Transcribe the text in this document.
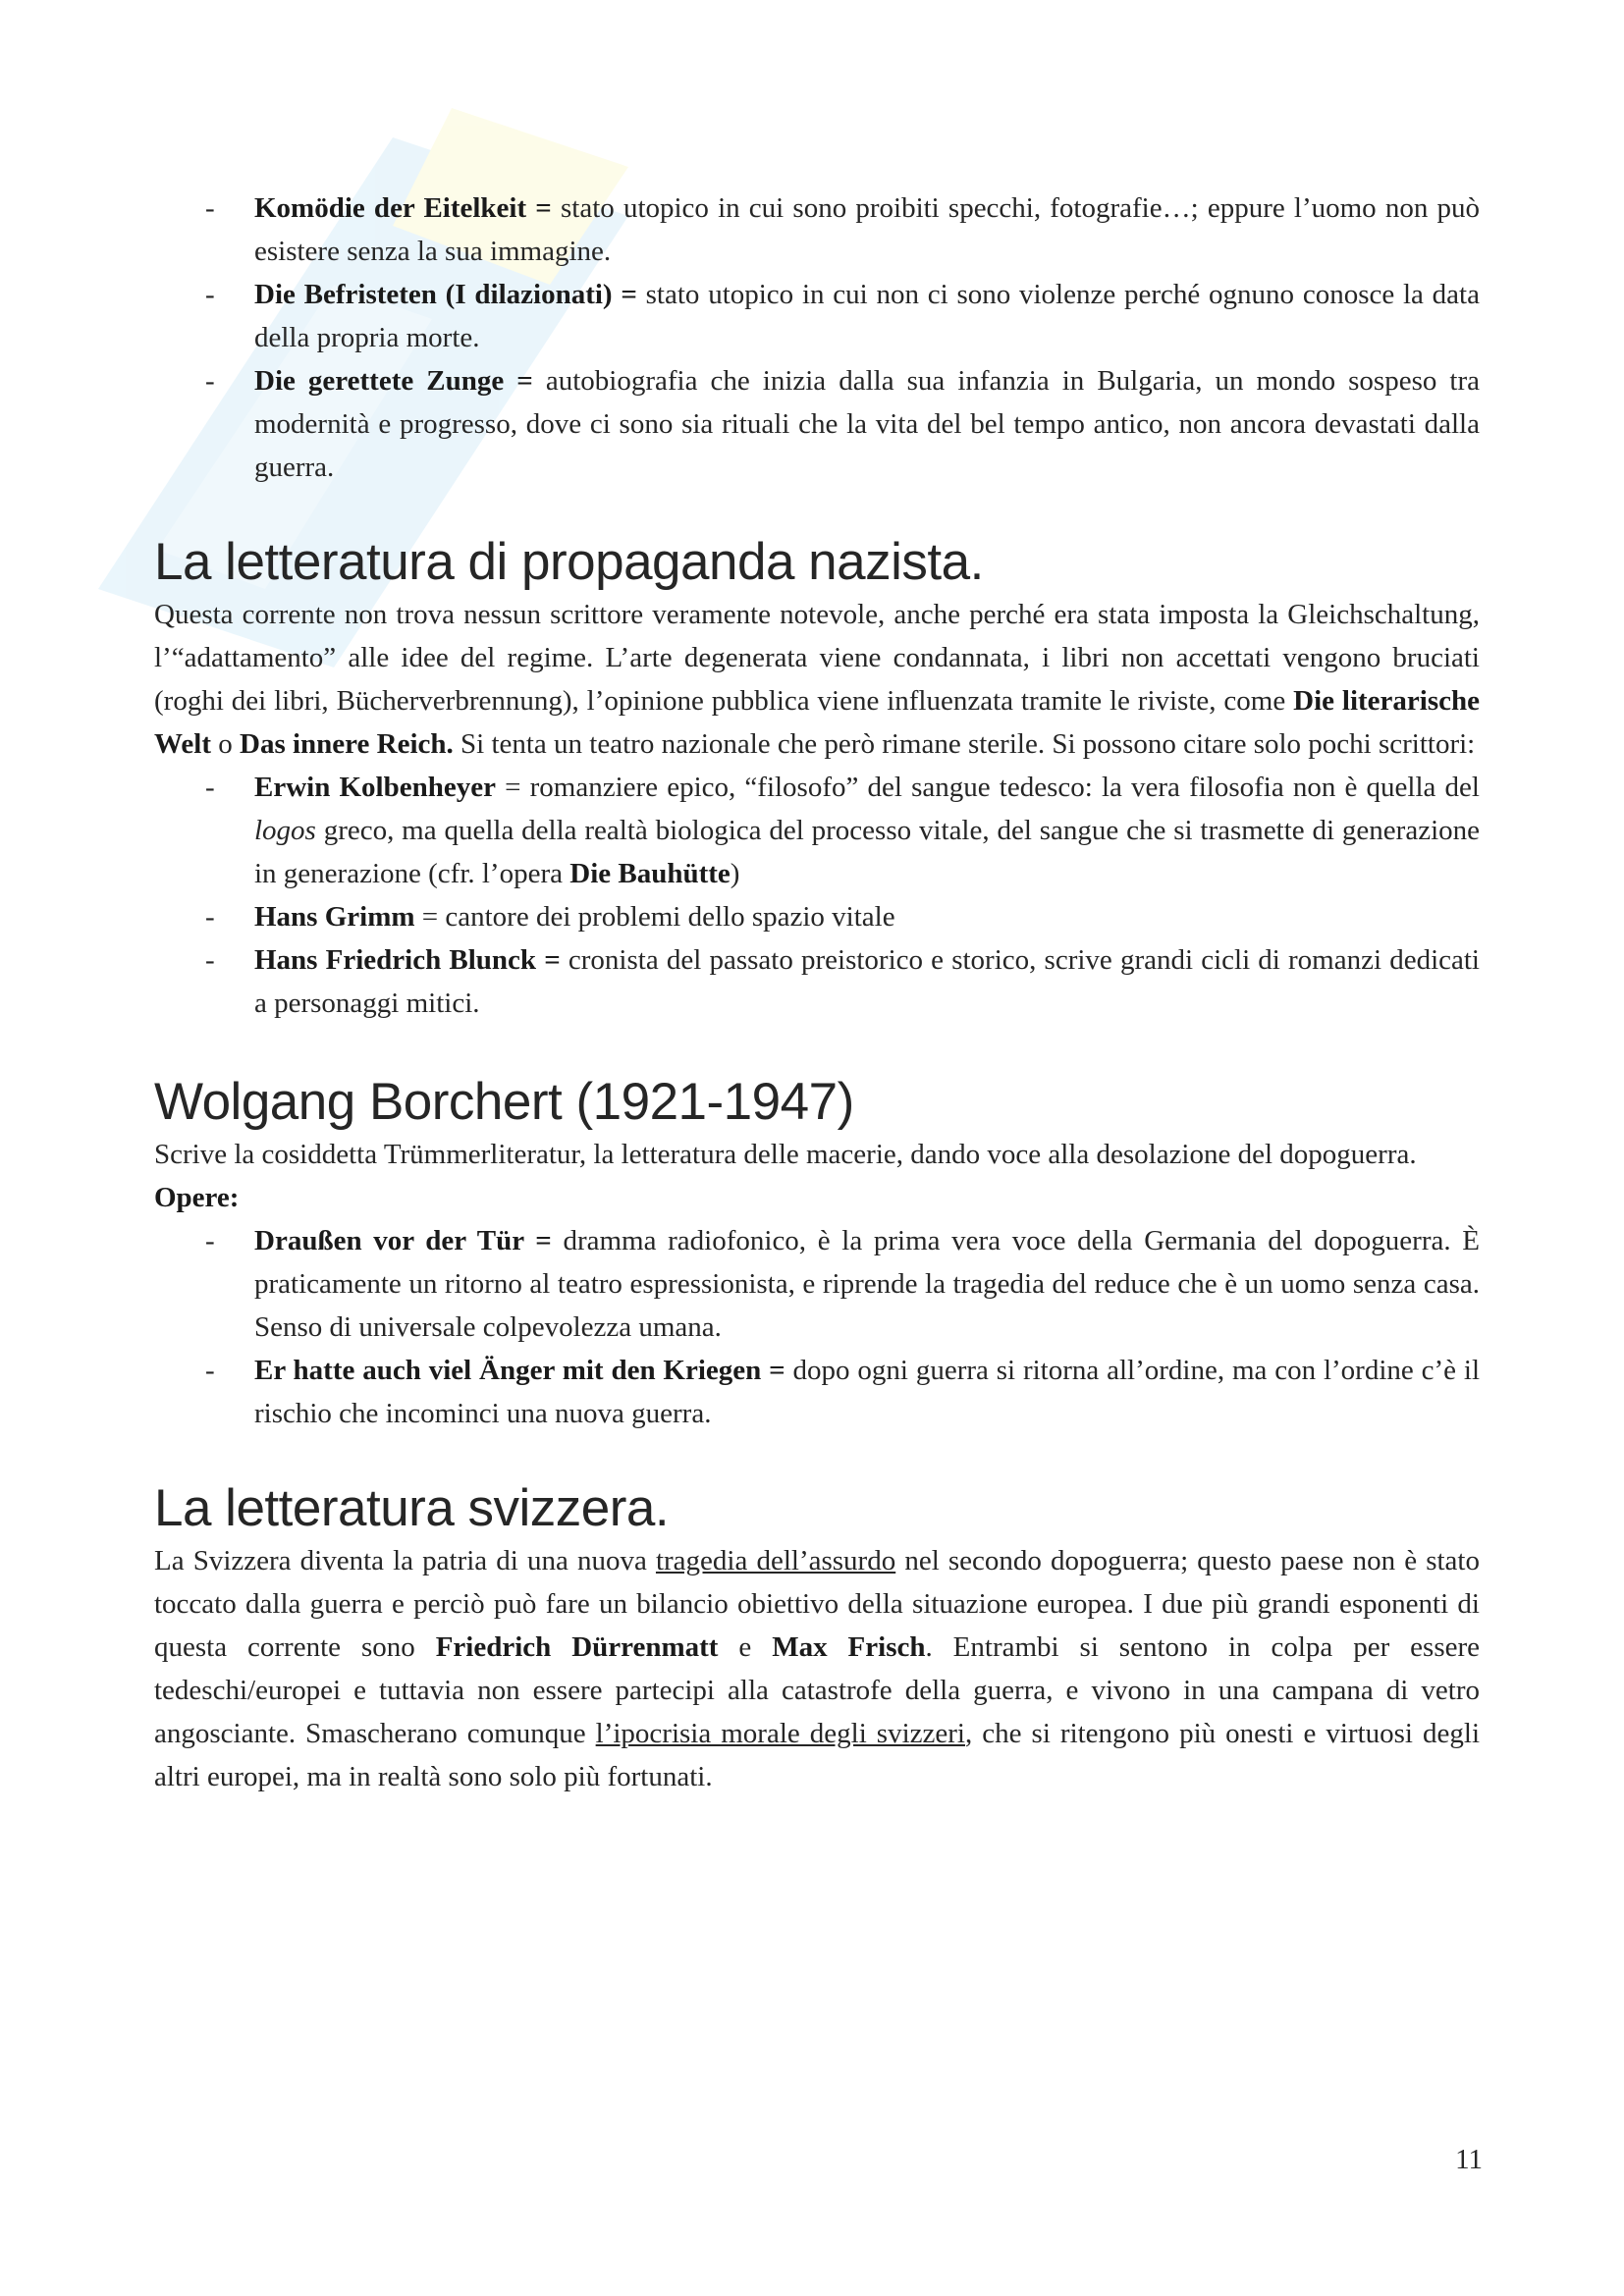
- Komödie der Eitelkeit = stato utopico in cui sono proibiti specchi, fotografie…; eppure l’uomo non può esistere senza la sua immagine.
- Die Befristeten (I dilazionati) = stato utopico in cui non ci sono violenze perché ognuno conosce la data della propria morte.
- Die gerettete Zunge = autobiografia che inizia dalla sua infanzia in Bulgaria, un mondo sospeso tra modernità e progresso, dove ci sono sia rituali che la vita del bel tempo antico, non ancora devastati dalla guerra.
La letteratura di propaganda nazista.

Questa corrente non trova nessun scrittore veramente notevole, anche perché era stata imposta la Gleichschaltung, l’“adattamento” alle idee del regime. L’arte degenerata viene condannata, i libri non accettati vengono bruciati (roghi dei libri, Bücherverbrennung), l’opinione pubblica viene influenzata tramite le riviste, come Die literarische Welt o Das innere Reich. Si tenta un teatro nazionale che però rimane sterile. Si possono citare solo pochi scrittori:

- Erwin Kolbenheyer = romanziere epico, “filosofo” del sangue tedesco: la vera filosofia non è quella del logos greco, ma quella della realtà biologica del processo vitale, del sangue che si trasmette di generazione in generazione (cfr. l’opera Die Bauhütte)
- Hans Grimm = cantore dei problemi dello spazio vitale
- Hans Friedrich Blunck = cronista del passato preistorico e storico, scrive grandi cicli di romanzi dedicati a personaggi mitici.
Wolgang Borchert (1921-1947)

Scrive la cosiddetta Trümmerliteratur, la letteratura delle macerie, dando voce alla desolazione del dopoguerra.

Opere:

- Draußen vor der Tür = dramma radiofonico, è la prima vera voce della Germania del dopoguerra. È praticamente un ritorno al teatro espressionista, e riprende la tragedia del reduce che è un uomo senza casa. Senso di universale colpevolezza umana.
- Er hatte auch viel Änger mit den Kriegen = dopo ogni guerra si ritorna all’ordine, ma con l’ordine c’è il rischio che incominci una nuova guerra.
La letteratura svizzera.

La Svizzera diventa la patria di una nuova tragedia dell’assurdo nel secondo dopoguerra; questo paese non è stato toccato dalla guerra e perciò può fare un bilancio obiettivo della situazione europea. I due più grandi esponenti di questa corrente sono Friedrich Dürrenmatt e Max Frisch. Entrambi si sentono in colpa per essere tedeschi/europei e tuttavia non essere partecipi alla catastrofe della guerra, e vivono in una campana di vetro angosciante. Smascherano comunque l’ipocrisia morale degli svizzeri, che si ritengono più onesti e virtuosi degli altri europei, ma in realtà sono solo più fortunati.

11
